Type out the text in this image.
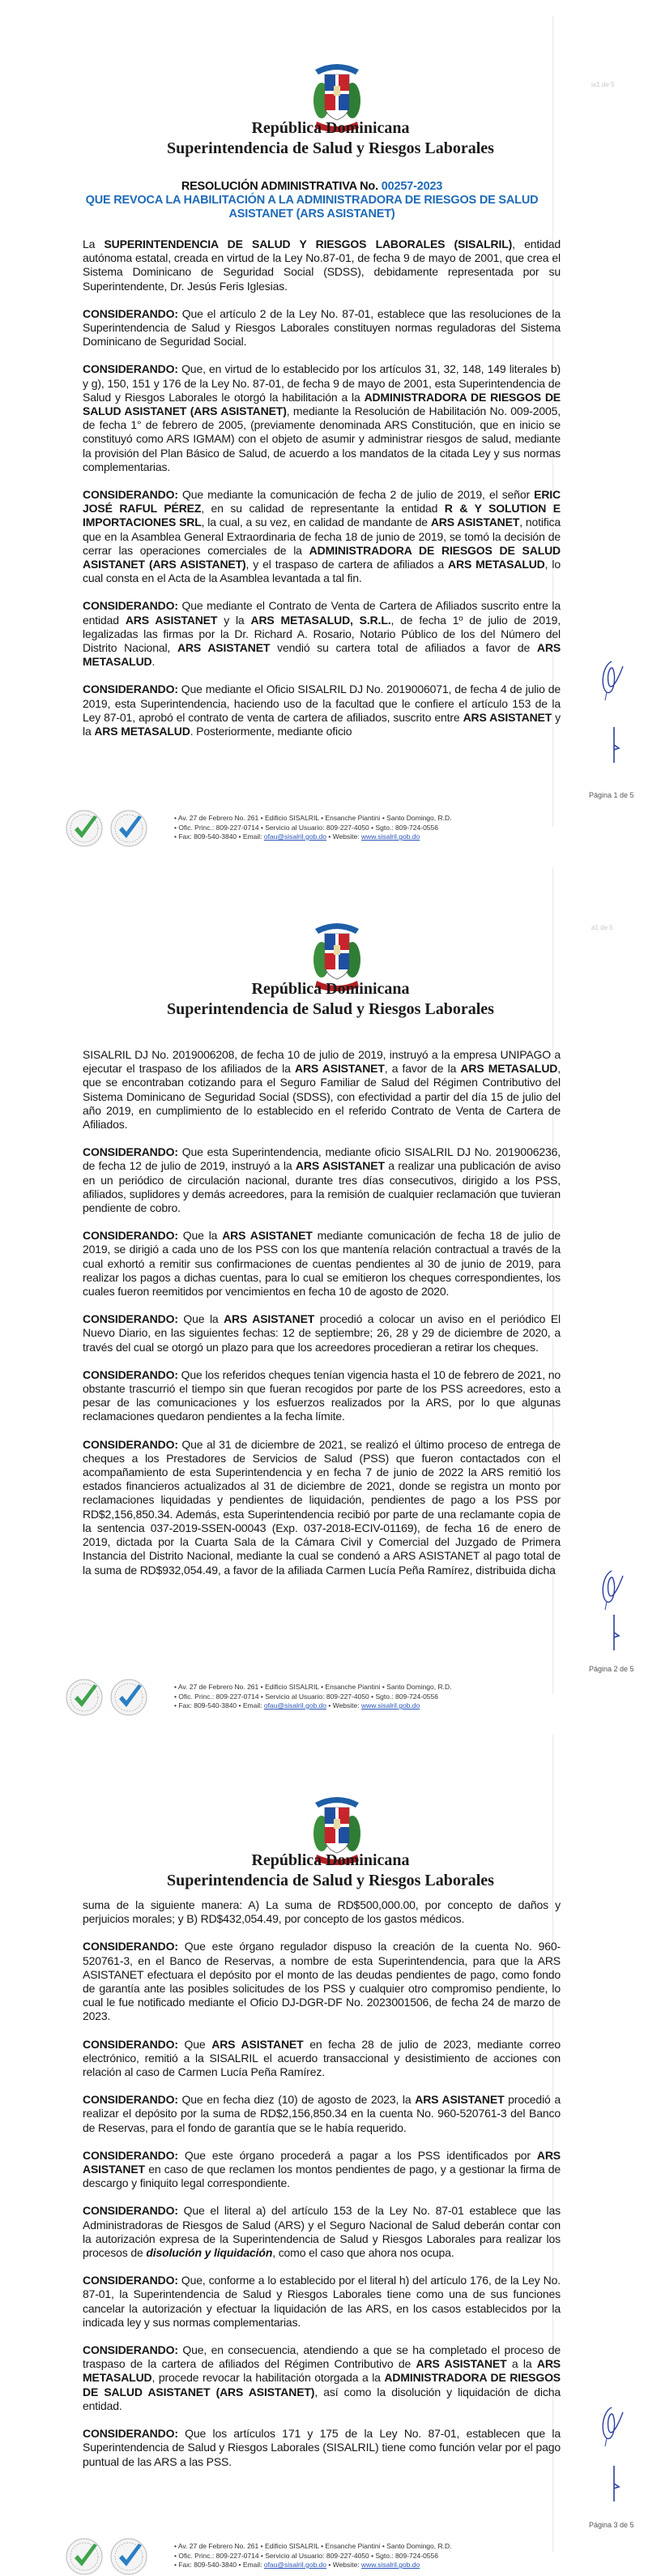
ia1 de 5
República Dominicana
Superintendencia de Salud y Riesgos Laborales
RESOLUCIÓN ADMINISTRATIVA No. 00257-2023
QUE REVOCA LA HABILITACIÓN A LA ADMINISTRADORA DE RIESGOS DE SALUD
ASISTANET (ARS ASISTANET)

La SUPERINTENDENCIA DE SALUD Y RIESGOS LABORALES (SISALRIL), entidad autónoma estatal, creada en virtud de la Ley No.87-01, de fecha 9 de mayo de 2001, que crea el Sistema Dominicano de Seguridad Social (SDSS), debidamente representada por su Superintendente, Dr. Jesús Feris Iglesias.

CONSIDERANDO: Que el artículo 2 de la Ley No. 87-01, establece que las resoluciones de la Superintendencia de Salud y Riesgos Laborales constituyen normas reguladoras del Sistema Dominicano de Seguridad Social.

CONSIDERANDO: Que, en virtud de lo establecido por los artículos 31, 32, 148, 149 literales b) y g), 150, 151 y 176 de la Ley No. 87-01, de fecha 9 de mayo de 2001, esta Superintendencia de Salud y Riesgos Laborales le otorgó la habilitación a la ADMINISTRADORA DE RIESGOS DE SALUD ASISTANET (ARS ASISTANET), mediante la Resolución de Habilitación No. 009-2005, de fecha 1° de febrero de 2005, (previamente denominada ARS Constitución, que en inicio se constituyó como ARS IGMAM) con el objeto de asumir y administrar riesgos de salud, mediante la provisión del Plan Básico de Salud, de acuerdo a los mandatos de la citada Ley y sus normas complementarias.

CONSIDERANDO: Que mediante la comunicación de fecha 2 de julio de 2019, el señor ERIC JOSÉ RAFUL PÉREZ, en su calidad de representante la entidad R & Y SOLUTION E IMPORTACIONES SRL, la cual, a su vez, en calidad de mandante de ARS ASISTANET, notifica que en la Asamblea General Extraordinaria de fecha 18 de junio de 2019, se tomó la decisión de cerrar las operaciones comerciales de la ADMINISTRADORA DE RIESGOS DE SALUD ASISTANET (ARS ASISTANET), y el traspaso de cartera de afiliados a ARS METASALUD, lo cual consta en el Acta de la Asamblea levantada a tal fin.

CONSIDERANDO: Que mediante el Contrato de Venta de Cartera de Afiliados suscrito entre la entidad ARS ASISTANET y la ARS METASALUD, S.R.L., de fecha 1º de julio de 2019, legalizadas las firmas por la Dr. Richard A. Rosario, Notario Público de los del Número del Distrito Nacional, ARS ASISTANET vendió su cartera total de afiliados a favor de ARS METASALUD.

CONSIDERANDO: Que mediante el Oficio SISALRIL DJ No. 2019006071, de fecha 4 de julio de 2019, esta Superintendencia, haciendo uso de la facultad que le confiere el artículo 153 de la Ley 87-01, aprobó el contrato de venta de cartera de afiliados, suscrito entre ARS ASISTANET y la ARS METASALUD. Posteriormente, mediante oficio

Página 1 de 5
• Av. 27 de Febrero No. 261 • Edificio SISALRIL • Ensanche Piantini • Santo Domingo, R.D.
• Ofic. Princ.: 809-227-0714 • Servicio al Usuario: 809-227-4050 • Sgto.: 809-724-0556
• Fax: 809-540-3840 • Email: ofau@sisalril.gob.do • Website: www.sisalril.gob.do
a1 de 5
República Dominicana
Superintendencia de Salud y Riesgos Laborales

SISALRIL DJ No. 2019006208, de fecha 10 de julio de 2019, instruyó a la empresa UNIPAGO a ejecutar el traspaso de los afiliados de la ARS ASISTANET, a favor de la ARS METASALUD, que se encontraban cotizando para el Seguro Familiar de Salud del Régimen Contributivo del Sistema Dominicano de Seguridad Social (SDSS), con efectividad a partir del día 15 de julio del año 2019, en cumplimiento de lo establecido en el referido Contrato de Venta de Cartera de Afiliados.

CONSIDERANDO: Que esta Superintendencia, mediante oficio SISALRIL DJ No. 2019006236, de fecha 12 de julio de 2019, instruyó a la ARS ASISTANET a realizar una publicación de aviso en un periódico de circulación nacional, durante tres días consecutivos, dirigido a los PSS, afiliados, suplidores y demás acreedores, para la remisión de cualquier reclamación que tuvieran pendiente de cobro.

CONSIDERANDO: Que la ARS ASISTANET mediante comunicación de fecha 18 de julio de 2019, se dirigió a cada uno de los PSS con los que mantenía relación contractual a través de la cual exhortó a remitir sus confirmaciones de cuentas pendientes al 30 de junio de 2019, para realizar los pagos a dichas cuentas, para lo cual se emitieron los cheques correspondientes, los cuales fueron reemitidos por vencimientos en fecha 10 de agosto de 2020.

CONSIDERANDO: Que la ARS ASISTANET procedió a colocar un aviso en el periódico El Nuevo Diario, en las siguientes fechas: 12 de septiembre; 26, 28 y 29 de diciembre de 2020, a través del cual se otorgó un plazo para que los acreedores procedieran a retirar los cheques.

CONSIDERANDO: Que los referidos cheques tenían vigencia hasta el 10 de febrero de 2021, no obstante trascurrió el tiempo sin que fueran recogidos por parte de los PSS acreedores, esto a pesar de las comunicaciones y los esfuerzos realizados por la ARS, por lo que algunas reclamaciones quedaron pendientes a la fecha límite.

CONSIDERANDO: Que al 31 de diciembre de 2021, se realizó el último proceso de entrega de cheques a los Prestadores de Servicios de Salud (PSS) que fueron contactados con el acompañamiento de esta Superintendencia y en fecha 7 de junio de 2022 la ARS remitió los estados financieros actualizados al 31 de diciembre de 2021, donde se registra un monto por reclamaciones liquidadas y pendientes de liquidación, pendientes de pago a los PSS por RD$2,156,850.34. Además, esta Superintendencia recibió por parte de una reclamante copia de la sentencia 037-2019-SSEN-00043 (Exp. 037-2018-ECIV-01169), de fecha 16 de enero de 2019, dictada por la Cuarta Sala de la Cámara Civil y Comercial del Juzgado de Primera Instancia del Distrito Nacional, mediante la cual se condenó a ARS ASISTANET al pago total de la suma de RD$932,054.49, a favor de la afiliada Carmen Lucía Peña Ramírez, distribuida dicha

Página 2 de 5
• Av. 27 de Febrero No. 261 • Edificio SISALRIL • Ensanche Piantini • Santo Domingo, R.D.
• Ofic. Princ.: 809-227-0714 • Servicio al Usuario: 809-227-4050 • Sgto.: 809-724-0556
• Fax: 809-540-3840 • Email: ofau@sisalril.gob.do • Website: www.sisalril.gob.do
República Dominicana
Superintendencia de Salud y Riesgos Laborales

suma de la siguiente manera: A) La suma de RD$500,000.00, por concepto de daños y perjuicios morales; y B) RD$432,054.49, por concepto de los gastos médicos.

CONSIDERANDO: Que este órgano regulador dispuso la creación de la cuenta No. 960-520761-3, en el Banco de Reservas, a nombre de esta Superintendencia, para que la ARS ASISTANET efectuara el depósito por el monto de las deudas pendientes de pago, como fondo de garantía ante las posibles solicitudes de los PSS y cualquier otro compromiso pendiente, lo cual le fue notificado mediante el Oficio DJ-DGR-DF No. 2023001506, de fecha 24 de marzo de 2023.

CONSIDERANDO: Que ARS ASISTANET en fecha 28 de julio de 2023, mediante correo electrónico, remitió a la SISALRIL el acuerdo transaccional y desistimiento de acciones con relación al caso de Carmen Lucía Peña Ramírez.

CONSIDERANDO: Que en fecha diez (10) de agosto de 2023, la ARS ASISTANET procedió a realizar el depósito por la suma de RD$2,156,850.34 en la cuenta No. 960-520761-3 del Banco de Reservas, para el fondo de garantía que se le había requerido.

CONSIDERANDO: Que este órgano procederá a pagar a los PSS identificados por ARS ASISTANET en caso de que reclamen los montos pendientes de pago, y a gestionar la firma de descargo y finiquito legal correspondiente.

CONSIDERANDO: Que el literal a) del artículo 153 de la Ley No. 87-01 establece que las Administradoras de Riesgos de Salud (ARS) y el Seguro Nacional de Salud deberán contar con la autorización expresa de la Superintendencia de Salud y Riesgos Laborales para realizar los procesos de disolución y liquidación, como el caso que ahora nos ocupa.

CONSIDERANDO: Que, conforme a lo establecido por el literal h) del artículo 176, de la Ley No. 87-01, la Superintendencia de Salud y Riesgos Laborales tiene como una de sus funciones cancelar la autorización y efectuar la liquidación de las ARS, en los casos establecidos por la indicada ley y sus normas complementarias.

CONSIDERANDO: Que, en consecuencia, atendiendo a que se ha completado el proceso de traspaso de la cartera de afiliados del Régimen Contributivo de ARS ASISTANET a la ARS METASALUD, procede revocar la habilitación otorgada a la ADMINISTRADORA DE RIESGOS DE SALUD ASISTANET (ARS ASISTANET), así como la disolución y liquidación de dicha entidad.

CONSIDERANDO: Que los artículos 171 y 175 de la Ley No. 87-01, establecen que la Superintendencia de Salud y Riesgos Laborales (SISALRIL) tiene como función velar por el pago puntual de las ARS a las PSS.

Página 3 de 5
• Av. 27 de Febrero No. 261 • Edificio SISALRIL • Ensanche Piantini • Santo Domingo, R.D.
• Ofic. Princ.: 809-227-0714 • Servicio al Usuario: 809-227-4050 • Sgto.: 809-724-0556
• Fax: 809-540-3840 • Email: ofau@sisalril.gob.do • Website: www.sisalril.gob.do
